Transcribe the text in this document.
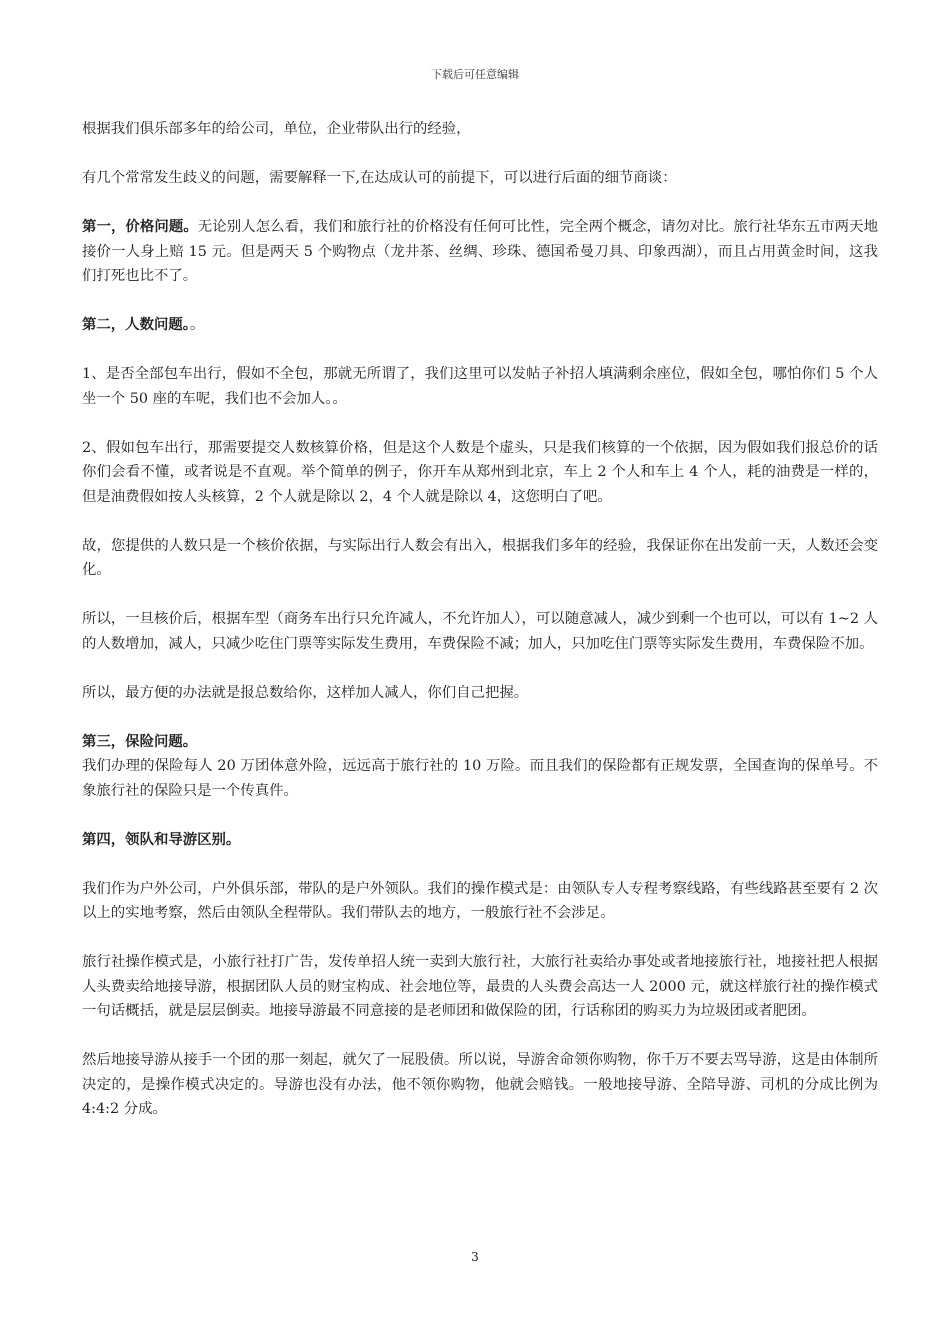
下载后可任意编辑

根据我们俱乐部多年的给公司，单位，企业带队出行的经验，

有几个常常发生歧义的问题，需要解释一下,在达成认可的前提下，可以进行后面的细节商谈：

第一，价格问题。无论别人怎么看，我们和旅行社的价格没有任何可比性，完全两个概念，请勿对比。旅行社华东五市两天地接价一人身上赔 15 元。但是两天 5 个购物点（龙井茶、丝绸、珍珠、德国希曼刀具、印象西湖），而且占用黄金时间，这我们打死也比不了。

第二，人数问题。。

1、是否全部包车出行，假如不全包，那就无所谓了，我们这里可以发帖子补招人填满剩余座位，假如全包，哪怕你们 5 个人坐一个 50 座的车呢，我们也不会加人。。

2、假如包车出行，那需要提交人数核算价格，但是这个人数是个虚头，只是我们核算的一个依据，因为假如我们报总价的话你们会看不懂，或者说是不直观。举个简单的例子，你开车从郑州到北京，车上 2 个人和车上 4 个人，耗的油费是一样的，但是油费假如按人头核算，2 个人就是除以 2，4 个人就是除以 4，这您明白了吧。

故，您提供的人数只是一个核价依据，与实际出行人数会有出入，根据我们多年的经验，我保证你在出发前一天，人数还会变化。

所以，一旦核价后，根据车型（商务车出行只允许减人，不允许加人），可以随意减人，减少到剩一个也可以，可以有 1~2 人的人数增加，减人，只减少吃住门票等实际发生费用，车费保险不减；加人，只加吃住门票等实际发生费用，车费保险不加。

所以，最方便的办法就是报总数给你，这样加人减人，你们自己把握。

第三，保险问题。

我们办理的保险每人 20 万团体意外险，远远高于旅行社的 10 万险。而且我们的保险都有正规发票，全国查询的保单号。不象旅行社的保险只是一个传真件。

第四，领队和导游区别。

我们作为户外公司，户外俱乐部，带队的是户外领队。我们的操作模式是：由领队专人专程考察线路，有些线路甚至要有 2 次以上的实地考察，然后由领队全程带队。我们带队去的地方，一般旅行社不会涉足。

旅行社操作模式是，小旅行社打广告，发传单招人统一卖到大旅行社，大旅行社卖给办事处或者地接旅行社，地接社把人根据人头费卖给地接导游，根据团队人员的财宝构成、社会地位等，最贵的人头费会高达一人 2000 元，就这样旅行社的操作模式一句话概括，就是层层倒卖。地接导游最不同意接的是老师团和做保险的团，行话称团的购买力为垃圾团或者肥团。

然后地接导游从接手一个团的那一刻起，就欠了一屁股债。所以说，导游舍命领你购物，你千万不要去骂导游，这是由体制所决定的，是操作模式决定的。导游也没有办法，他不领你购物，他就会赔钱。一般地接导游、全陪导游、司机的分成比例为 4:4:2 分成。

3
